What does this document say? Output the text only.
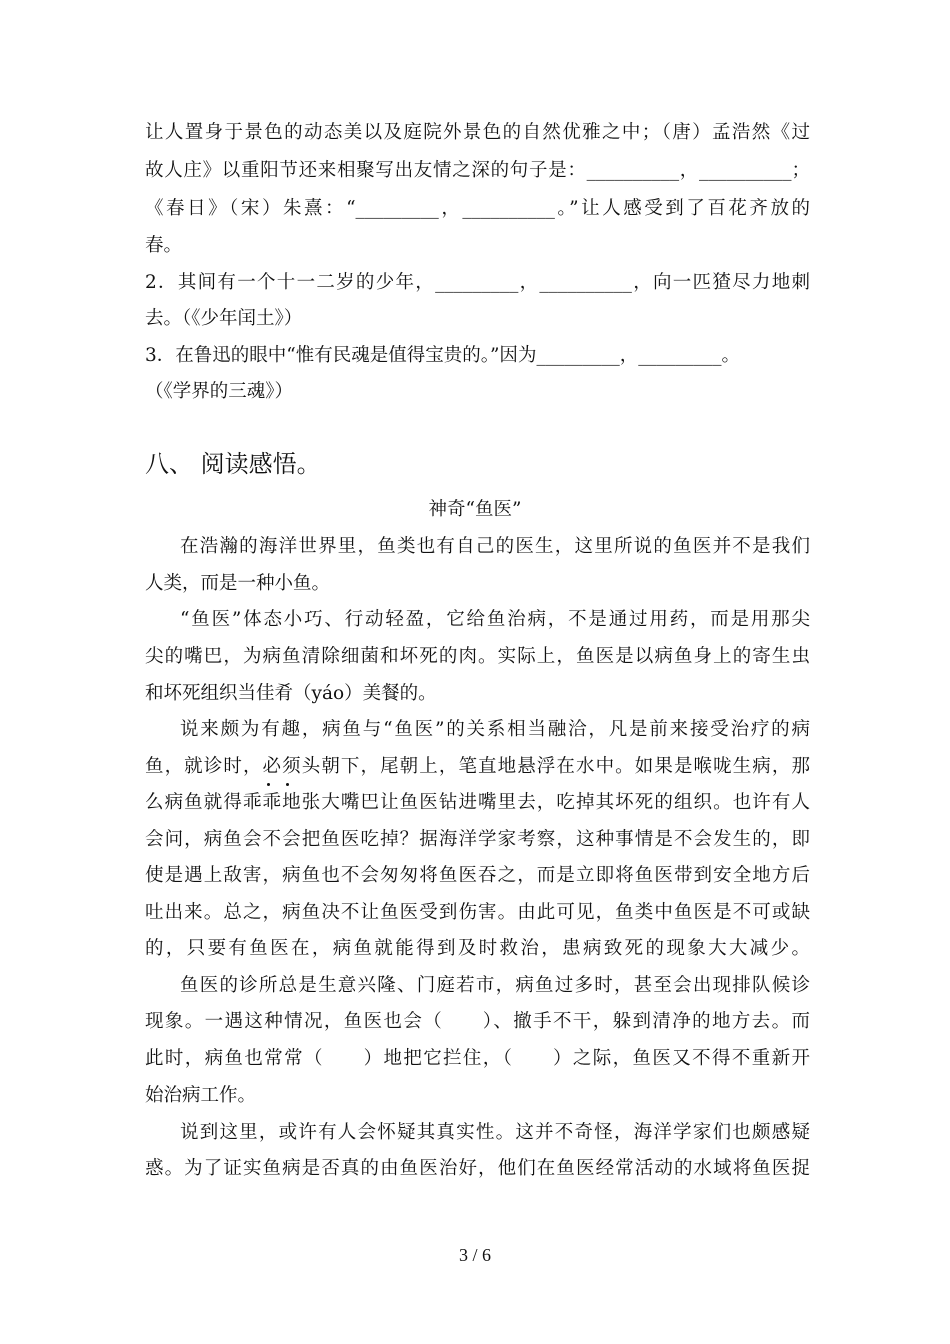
让人置身于景色的动态美以及庭院外景色的自然优雅之中；（唐）孟浩然《过
故人庄》以重阳节还来相聚写出友情之深的句子是：__________，__________；
《春日》（宋）朱熹：“_________，__________。”让人感受到了百花齐放的
春。
2．其间有一个十一二岁的少年，_________，__________，向一匹猹尽力地刺
去。（《少年闰土》）
3．在鲁迅的眼中“惟有民魂是值得宝贵的。”因为_________，_________。
（《学界的三魂》）
八、 阅读感悟。
神奇“鱼医”
在浩瀚的海洋世界里，鱼类也有自己的医生，这里所说的鱼医并不是我们
人类，而是一种小鱼。
“鱼医”体态小巧、行动轻盈，它给鱼治病，不是通过用药，而是用那尖
尖的嘴巴，为病鱼清除细菌和坏死的肉。实际上，鱼医是以病鱼身上的寄生虫
和坏死组织当佳肴（yáo）美餐的。
说来颇为有趣，病鱼与“鱼医”的关系相当融洽，凡是前来接受治疗的病
鱼，就诊时，必须头朝下，尾朝上，笔直地悬浮在水中。如果是喉咙生病，那
么病鱼就得乖乖地张大嘴巴让鱼医钻进嘴里去，吃掉其坏死的组织。也许有人
会问，病鱼会不会把鱼医吃掉？据海洋学家考察，这种事情是不会发生的，即
使是遇上敌害，病鱼也不会匆匆将鱼医吞之，而是立即将鱼医带到安全地方后
吐出来。总之，病鱼决不让鱼医受到伤害。由此可见，鱼类中鱼医是不可或缺
的，只要有鱼医在，病鱼就能得到及时救治，患病致死的现象大大减少。
鱼医的诊所总是生意兴隆、门庭若市，病鱼过多时，甚至会出现排队候诊
现象。一遇这种情况，鱼医也会（　　）、撤手不干，躲到清净的地方去。而
此时，病鱼也常常（　　）地把它拦住，（　　）之际，鱼医又不得不重新开
始治病工作。
说到这里，或许有人会怀疑其真实性。这并不奇怪，海洋学家们也颇感疑
惑。为了证实鱼病是否真的由鱼医治好，他们在鱼医经常活动的水域将鱼医捉
3 / 6
